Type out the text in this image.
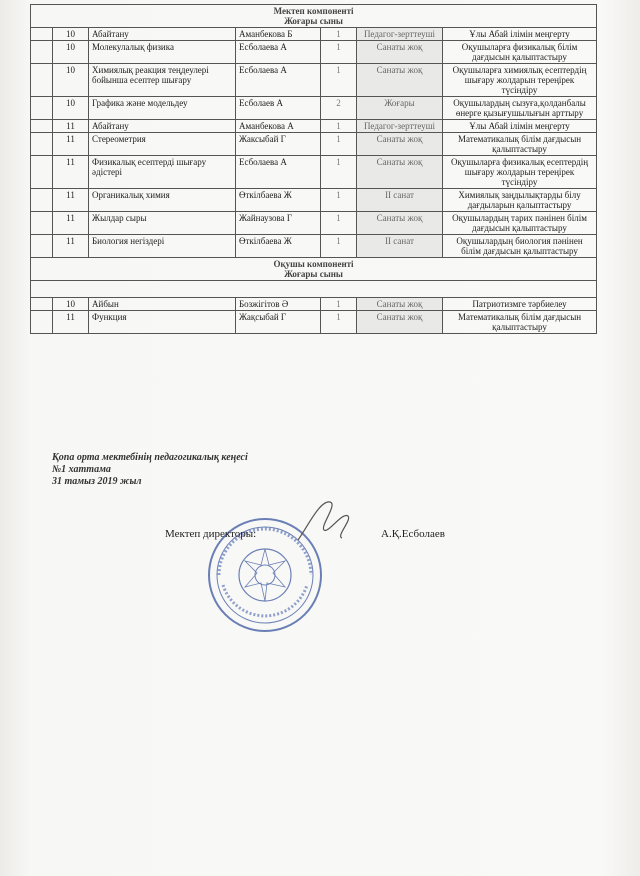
Мектеп компоненті
Жоғары сыны						

	10	Абайтану	Аманбекова Б	1	Педагог-зерттеуші	Ұлы Абай ілімін меңгерту
	10	Молекулалық физика	Есболаева А	1	Санаты жоқ	Оқушыларға физикалық білім дағдысын қалыптастыру
	10	Химиялық реакция теңдеулері бойынша есептер шығару	Есболаева А	1	Санаты жоқ	Оқушыларға химиялық есептердің шығару жолдарын тереңірек түсіндіру
	10	Графика және модельдеу	Есболаев А	2	Жоғары	Оқушылардың сызуға,қолданбалы өнерге қызығушылығын арттыру
	11	Абайтану	Аманбекова А	1	Педагог-зерттеуші	Ұлы Абай ілімін меңгерту
	11	Стереометрия	Жаксыбай Г	1	Санаты жоқ	Математикалық білім дағдысын қалыптастыру
	11	Физикалық есептерді шығару әдістері	Есболаева А	1	Санаты жоқ	Оқушыларға физикалық есептердің шығару жолдарын тереңірек түсіндіру
	11	Органикалық химия	Өткілбаева Ж	1	II санат	Химиялық заңдылықтарды білу дағдыларын қалыптастыру
	11	Жылдар сыры	Жайнаузова Г	1	Санаты жоқ	Оқушылардың тарих пәнінен білім дағдысын қалыптастыру
	11	Биология негіздері	Өткілбаева Ж	1	II санат	Оқушылардың биология пәнінен білім дағдысын қалыптастыру

Оқушы компоненті
Жоғары сыны						

	10	Айбын	Бозжігітов Ә	1	Санаты жоқ	Патриотизмге тәрбиелеу
	11	Функция	Жақсыбай Г	1	Санаты жоқ	Математикалық білім дағдысын қалыптастыру
Қопа орта мектебінің педагогикалық кеңесі
№1 хаттама
31 тамыз 2019 жыл
Мектеп директоры:	А.Қ.Есболаев
